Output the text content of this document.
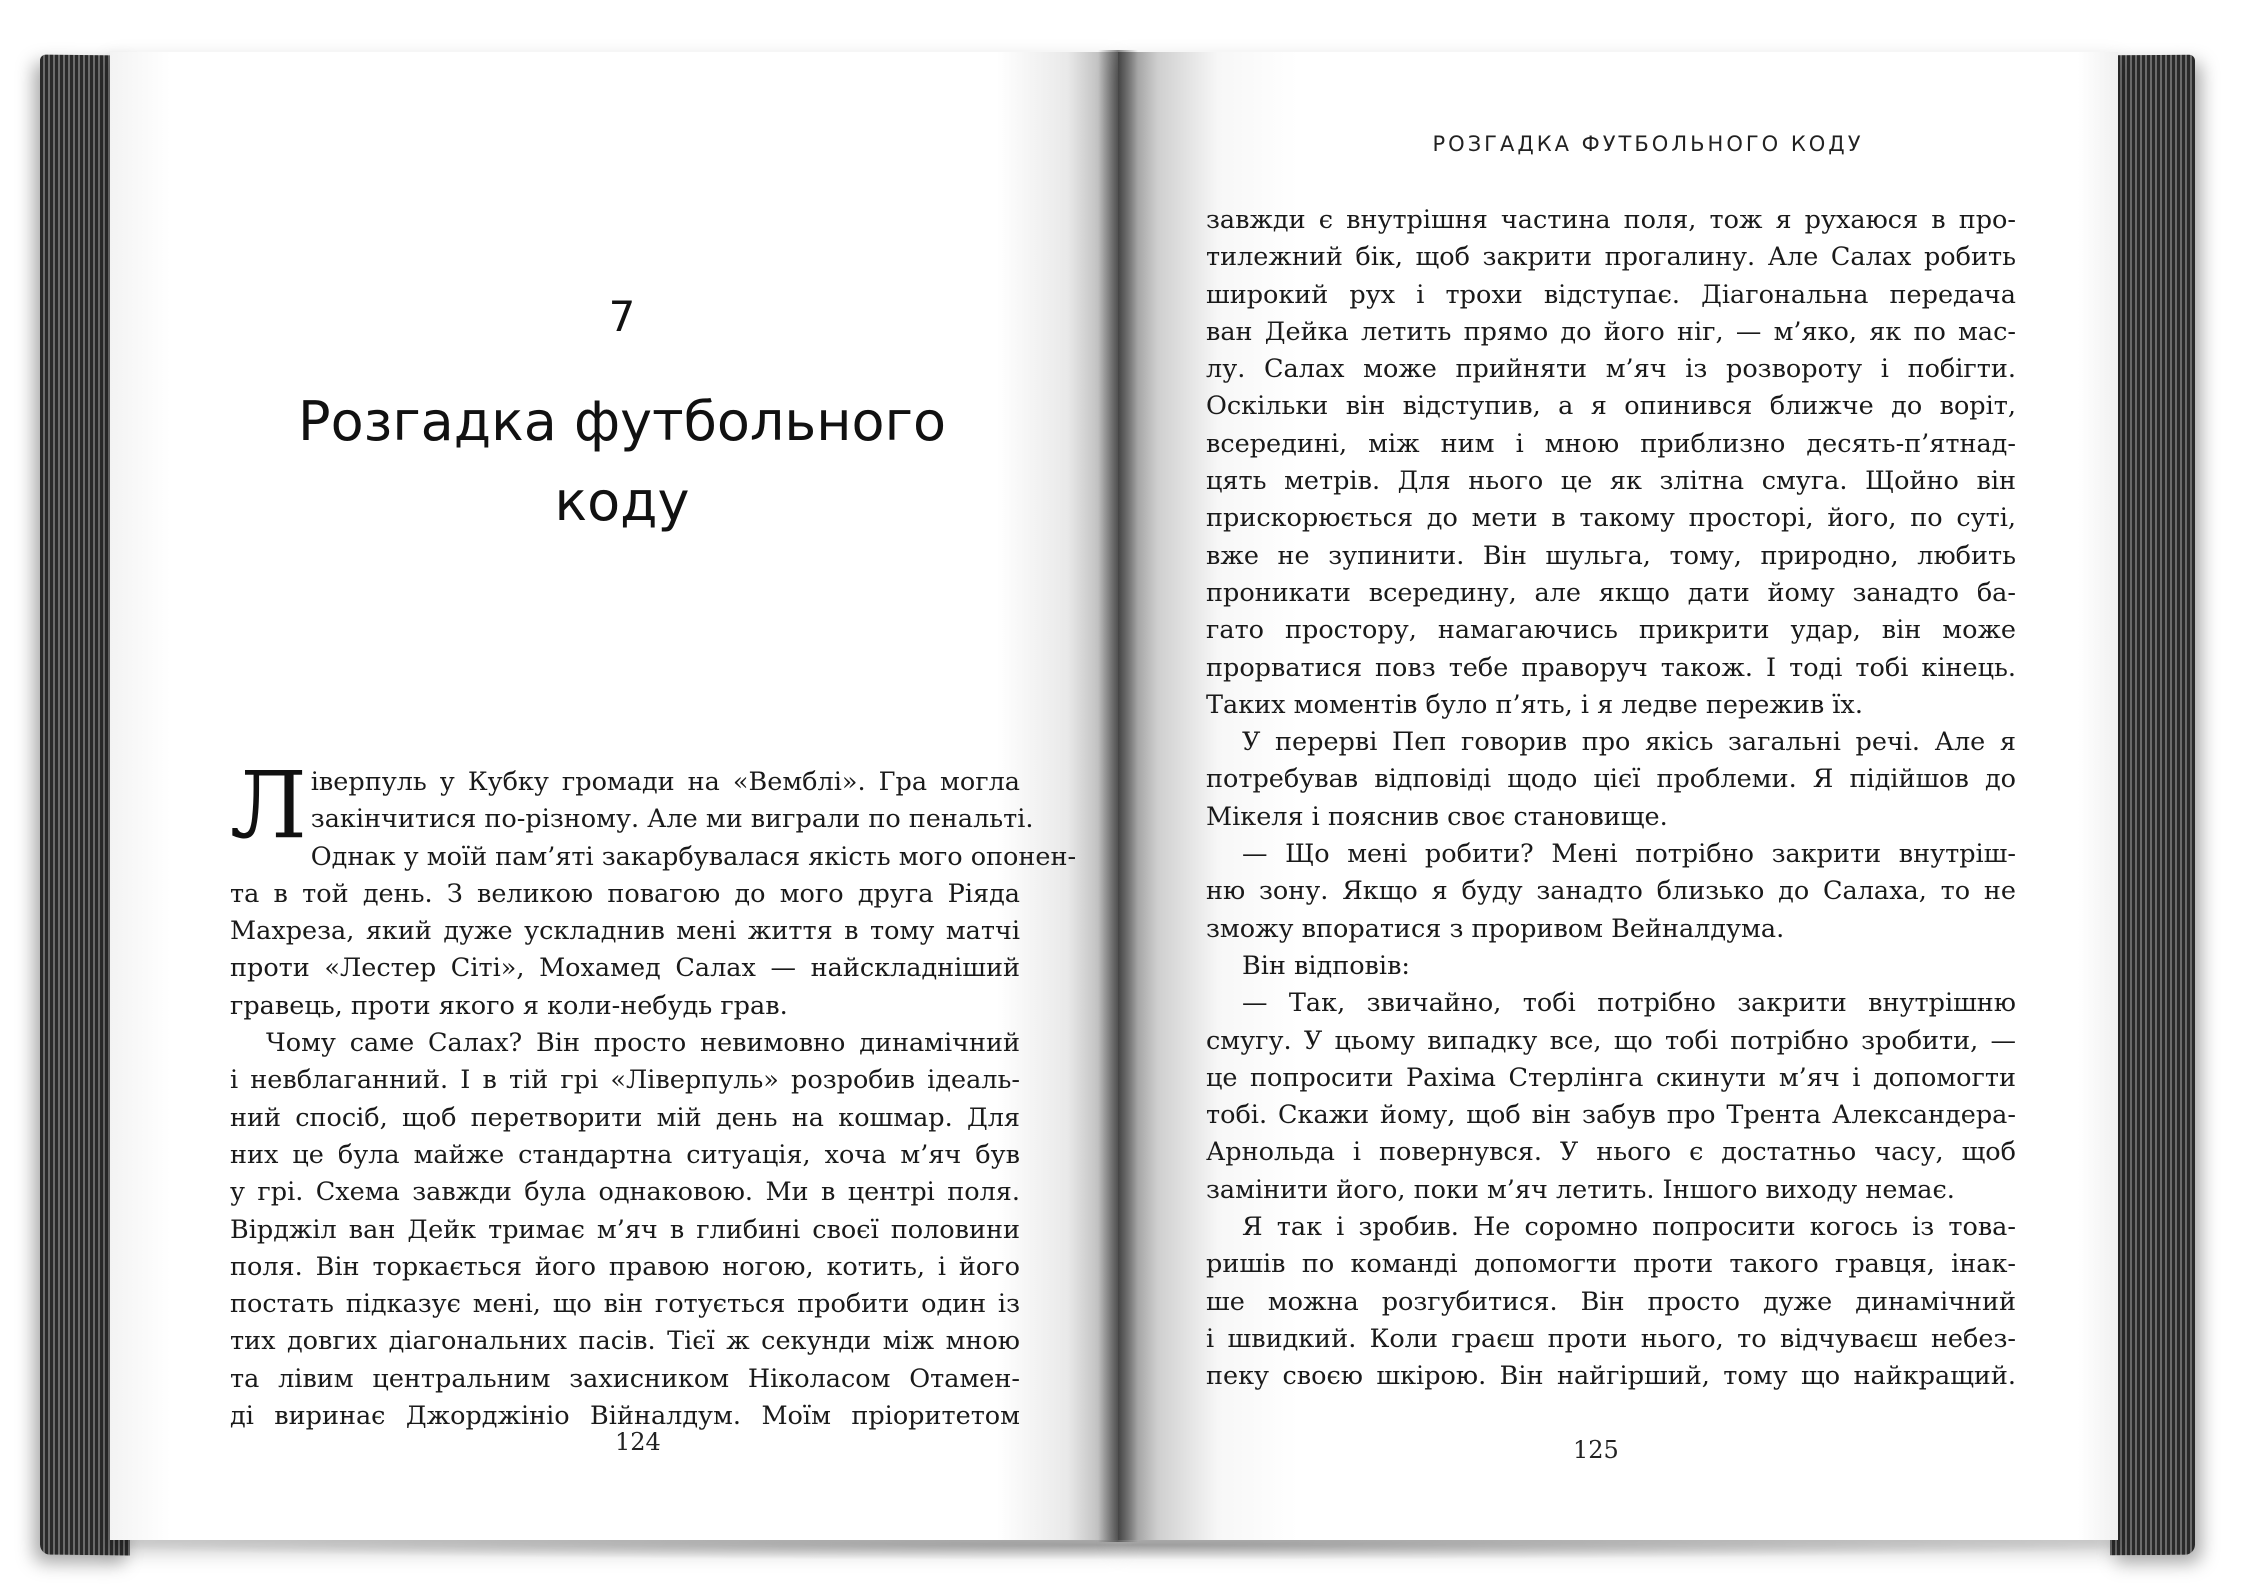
7
Розгадка футбольного
коду
Л іверпуль у Кубку громади на «Вемблі». Гра могла
закінчитися по-різному. Але ми виграли по пенальті.
Однак у моїй пам’яті закарбувалася якість мого опонен-
та в той день. З великою повагою до мого друга Ріяда
Махреза, який дуже ускладнив мені життя в тому матчі
проти «Лестер Сіті», Мохамед Салах — найскладніший
гравець, проти якого я коли-небудь грав.
Чому саме Салах? Він просто невимовно динамічний
і невблаганний. І в тій грі «Ліверпуль» розробив ідеаль-
ний спосіб, щоб перетворити мій день на кошмар. Для
них це була майже стандартна ситуація, хоча м’яч був
у грі. Схема завжди була однаковою. Ми в центрі поля.
Вірджіл ван Дейк тримає м’яч в глибині своєї половини
поля. Він торкається його правою ногою, котить, і його
постать підказує мені, що він готується пробити один із
тих довгих діагональних пасів. Тієї ж секунди між мною
та лівим центральним захисником Ніколасом Отамен-
ді виринає Джорджініо Війналдум. Моїм пріоритетом
124
РОЗГАДКА ФУТБОЛЬНОГО КОДУ
завжди є внутрішня частина поля, тож я рухаюся в про-
тилежний бік, щоб закрити прогалину. Але Салах робить
широкий рух і трохи відступає. Діагональна передача
ван Дейка летить прямо до його ніг, — м’яко, як по мас-
лу. Салах може прийняти м’яч із розвороту і побігти.
Оскільки він відступив, а я опинився ближче до воріт,
всередині, між ним і мною приблизно десять-п’ятнад-
цять метрів. Для нього це як злітна смуга. Щойно він
прискорюється до мети в такому просторі, його, по суті,
вже не зупинити. Він шульга, тому, природно, любить
проникати всередину, але якщо дати йому занадто ба-
гато простору, намагаючись прикрити удар, він може
прорватися повз тебе праворуч також. І тоді тобі кінець.
Таких моментів було п’ять, і я ледве пережив їх.
У перерві Пеп говорив про якісь загальні речі. Але я
потребував відповіді щодо цієї проблеми. Я підійшов до
Мікеля і пояснив своє становище.
— Що мені робити? Мені потрібно закрити внутріш-
ню зону. Якщо я буду занадто близько до Салаха, то не
зможу впоратися з проривом Вейналдума.
Він відповів:
— Так, звичайно, тобі потрібно закрити внутрішню
смугу. У цьому випадку все, що тобі потрібно зробити, —
це попросити Рахіма Стерлінга скинути м’яч і допомогти
тобі. Скажи йому, щоб він забув про Трента Александера-
Арнольда і повернувся. У нього є достатньо часу, щоб
замінити його, поки м’яч летить. Іншого виходу немає.
Я так і зробив. Не соромно попросити когось із това-
ришів по команді допомогти проти такого гравця, інак-
ше можна розгубитися. Він просто дуже динамічний
і швидкий. Коли граєш проти нього, то відчуваєш небез-
пеку своєю шкірою. Він найгірший, тому що найкращий.
125
